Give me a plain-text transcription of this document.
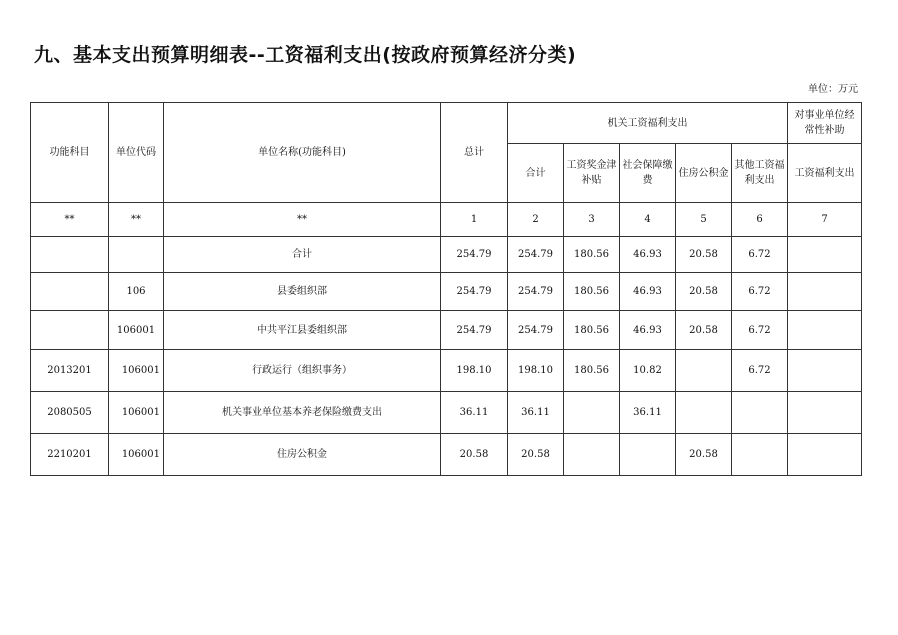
九、基本支出预算明细表--工资福利支出(按政府预算经济分类)
单位：万元
功能科目	单位代码	单位名称(功能科目)	总计	机关工资福利支出					对事业单位经常性补助
				合计	工资奖金津补贴	社会保障缴费	住房公积金	其他工资福利支出	工资福利支出
**	**	**	1	2	3	4	5	6	7
		合计	254.79	254.79	180.56	46.93	20.58	6.72	
	106	县委组织部	254.79	254.79	180.56	46.93	20.58	6.72	
	106001	中共平江县委组织部	254.79	254.79	180.56	46.93	20.58	6.72	
2013201	106001	行政运行（组织事务）	198.10	198.10	180.56	10.82		6.72	
2080505	106001	机关事业单位基本养老保险缴费支出	36.11	36.11		36.11			
2210201	106001	住房公积金	20.58	20.58			20.58		
